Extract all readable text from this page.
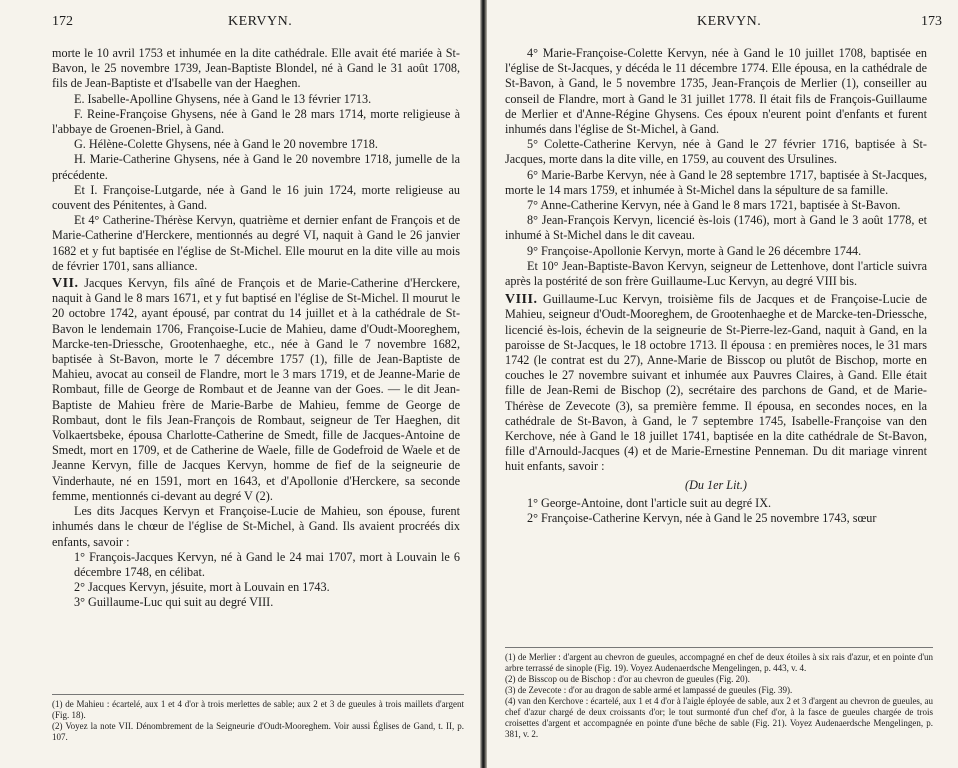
172	KERVYN.

morte le 10 avril 1753 et inhumée en la dite cathédrale. Elle avait été mariée à St-Bavon, le 25 novembre 1739, Jean-Baptiste Blondel, né à Gand le 31 août 1708, fils de Jean-Baptiste et d'Isabelle van der Haeghen.

E. Isabelle-Apolline Ghysens, née à Gand le 13 février 1713.

F. Reine-Françoise Ghysens, née à Gand le 28 mars 1714, morte religieuse à l'abbaye de Groenen-Briel, à Gand.

G. Hélène-Colette Ghysens, née à Gand le 20 novembre 1718.

H. Marie-Catherine Ghysens, née à Gand le 20 novembre 1718, jumelle de la précédente.

Et I. Françoise-Lutgarde, née à Gand le 16 juin 1724, morte religieuse au couvent des Pénitentes, à Gand.

Et 4° Catherine-Thérèse Kervyn, quatrième et dernier enfant de François et de Marie-Catherine d'Herckere, mentionnés au degré VI, naquit à Gand le 26 janvier 1682 et y fut baptisée en l'église de St-Michel. Elle mourut en la dite ville au mois de février 1701, sans alliance.

VII. Jacques Kervyn, fils aîné de François et de Marie-Catherine d'Herckere, naquit à Gand le 8 mars 1671, et y fut baptisé en l'église de St-Michel. Il mourut le 20 octobre 1742, ayant épousé, par contrat du 14 juillet et à la cathédrale de St-Bavon le lendemain 1706, Françoise-Lucie de Mahieu, dame d'Oudt-Mooreghem, Marcke-ten-Driessche, Grootenhaeghe, etc., née à Gand le 7 novembre 1682, baptisée à St-Bavon, morte le 7 décembre 1757 (1), fille de Jean-Baptiste de Mahieu, avocat au conseil de Flandre, mort le 3 mars 1719, et de Jeanne-Marie de Rombaut, fille de George de Rombaut et de Jeanne van der Goes. — le dit Jean-Baptiste de Mahieu frère de Marie-Barbe de Mahieu, femme de George de Rombaut, dont le fils Jean-François de Rombaut, seigneur de Ter Haeghen, dit Volkaertsbeke, épousa Charlotte-Catherine de Smedt, fille de Jacques-Antoine de Smedt, mort en 1709, et de Catherine de Waele, fille de Godefroid de Waele et de Jeanne Kervyn, fille de Jacques Kervyn, homme de fief de la seigneurie de Vinderhaute, né en 1591, mort en 1643, et d'Apollonie d'Herckere, sa seconde femme, mentionnés ci-devant au degré V (2).

Les dits Jacques Kervyn et Françoise-Lucie de Mahieu, son épouse, furent inhumés dans le chœur de l'église de St-Michel, à Gand. Ils avaient procréés dix enfants, savoir :

1° François-Jacques Kervyn, né à Gand le 24 mai 1707, mort à Louvain le 6 décembre 1748, en célibat.

2° Jacques Kervyn, jésuite, mort à Louvain en 1743.

3° Guillaume-Luc qui suit au degré VIII.

(1) de Mahieu : écartelé, aux 1 et 4 d'or à trois merlettes de sable; aux 2 et 3 de gueules à trois maillets d'argent (Fig. 18).

(2) Voyez la note VII. Dénombrement de la Seigneurie d'Oudt-Mooreghem. Voir aussi Églises de Gand, t. II, p. 107.

KERVYN.	173

4° Marie-Françoise-Colette Kervyn, née à Gand le 10 juillet 1708, baptisée en l'église de St-Jacques, y décéda le 11 décembre 1774. Elle épousa, en la cathédrale de St-Bavon, à Gand, le 5 novembre 1735, Jean-François de Merlier (1), conseiller au conseil de Flandre, mort à Gand le 31 juillet 1778. Il était fils de François-Guillaume de Merlier et d'Anne-Régine Ghysens. Ces époux n'eurent point d'enfants et furent inhumés dans l'église de St-Michel, à Gand.

5° Colette-Catherine Kervyn, née à Gand le 27 février 1716, baptisée à St-Jacques, morte dans la dite ville, en 1759, au couvent des Ursulines.

6° Marie-Barbe Kervyn, née à Gand le 28 septembre 1717, baptisée à St-Jacques, morte le 14 mars 1759, et inhumée à St-Michel dans la sépulture de sa famille.

7° Anne-Catherine Kervyn, née à Gand le 8 mars 1721, baptisée à St-Bavon.

8° Jean-François Kervyn, licencié ès-lois (1746), mort à Gand le 3 août 1778, et inhumé à St-Michel dans le dit caveau.

9° Françoise-Apollonie Kervyn, morte à Gand le 26 décembre 1744.

Et 10° Jean-Baptiste-Bavon Kervyn, seigneur de Lettenhove, dont l'article suivra après la postérité de son frère Guillaume-Luc Kervyn, au degré VIII bis.

VIII. Guillaume-Luc Kervyn, troisième fils de Jacques et de Françoise-Lucie de Mahieu, seigneur d'Oudt-Mooreghem, de Grootenhaeghe et de Marcke-ten-Driessche, licencié ès-lois, échevin de la seigneurie de St-Pierre-lez-Gand, naquit à Gand, en la paroisse de St-Jacques, le 18 octobre 1713. Il épousa : en premières noces, le 31 mars 1742 (le contrat est du 27), Anne-Marie de Bisscop ou plutôt de Bischop, morte en couches le 27 novembre suivant et inhumée aux Pauvres Claires, à Gand. Elle était fille de Jean-Remi de Bischop (2), secrétaire des parchons de Gand, et de Marie-Thérèse de Zevecote (3), sa première femme. Il épousa, en secondes noces, en la cathédrale de St-Bavon, à Gand, le 7 septembre 1745, Isabelle-Françoise van den Kerchove, née à Gand le 18 juillet 1741, baptisée en la dite cathédrale de St-Bavon, fille d'Arnould-Jacques (4) et de Marie-Ernestine Penneman. Du dit mariage vinrent huit enfants, savoir :

(Du 1er Lit.)

1° George-Antoine, dont l'article suit au degré IX.

2° Françoise-Catherine Kervyn, née à Gand le 25 novembre 1743, sœur

(1) de Merlier : d'argent au chevron de gueules, accompagné en chef de deux étoiles à six rais d'azur, et en pointe d'un arbre terrassé de sinople (Fig. 19). Voyez Audenaerdsche Mengelingen, p. 443, v. 4.

(2) de Bisscop ou de Bischop : d'or au chevron de gueules (Fig. 20).

(3) de Zevecote : d'or au dragon de sable armé et lampassé de gueules (Fig. 39).

(4) van den Kerchove : écartelé, aux 1 et 4 d'or à l'aigle éployée de sable, aux 2 et 3 d'argent au chevron de gueules, au chef d'azur chargé de deux croissants d'or; le tout surmonté d'un chef d'or, à la fasce de gueules chargée de trois croisettes d'argent et accompagnée en pointe d'une bêche de sable (Fig. 21). Voyez Audenaerdsche Mengelingen, p. 381, v. 2.
